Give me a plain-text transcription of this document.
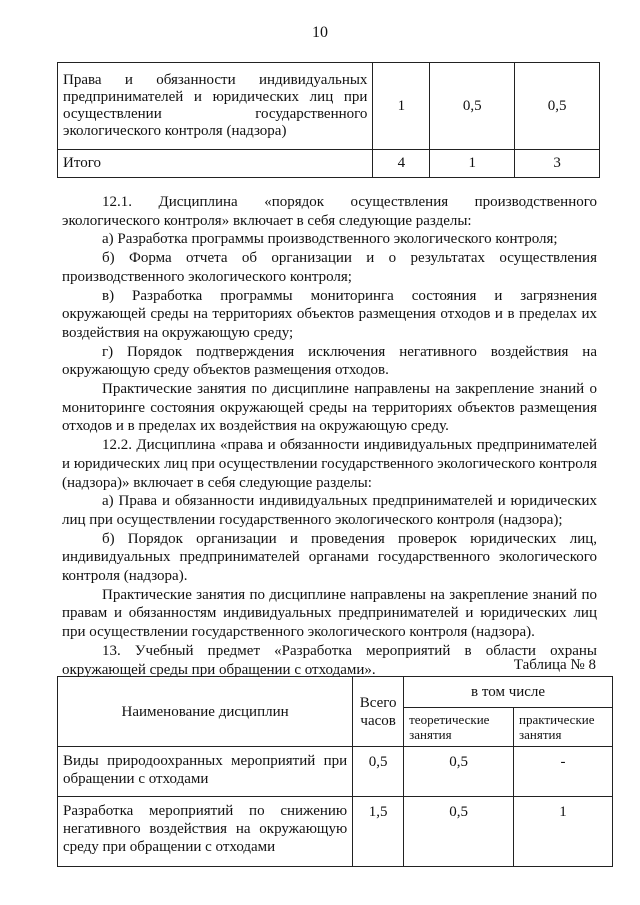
10
Права и обязанности индивидуальных предпринимателей и юридических лиц при осуществлении государственного экологического контроля (надзора)	1	0,5	0,5
Итого	4	1	3

12.1. Дисциплина «порядок осуществления производственного экологического контроля» включает в себя следующие разделы:

а) Разработка программы производственного экологического контроля;

б) Форма отчета об организации и о результатах осуществления производственного экологического контроля;

в) Разработка программы мониторинга состояния и загрязнения окружающей среды на территориях объектов размещения отходов и в пределах их воздействия на окружающую среду;

г) Порядок подтверждения исключения негативного воздействия на окружающую среду объектов размещения отходов.

Практические занятия по дисциплине направлены на закрепление знаний о мониторинге состояния окружающей среды на территориях объектов размещения отходов и в пределах их воздействия на окружающую среду.

12.2. Дисциплина «права и обязанности индивидуальных предпринимателей и юридических лиц при осуществлении государственного экологического контроля (надзора)» включает в себя следующие разделы:

а) Права и обязанности индивидуальных предпринимателей и юридических лиц при осуществлении государственного экологического контроля (надзора);

б) Порядок организации и проведения проверок юридических лиц, индивидуальных предпринимателей органами государственного экологического контроля (надзора).

Практические занятия по дисциплине направлены на закрепление знаний по правам и обязанностям индивидуальных предпринимателей и юридических лиц при осуществлении государственного экологического контроля (надзора).

13. Учебный предмет «Разработка мероприятий в области охраны окружающей среды при обращении с отходами».	Таблица № 8
Наименование дисциплин	Всего часов	в том числе	
		теоретические занятия	практические занятия
Виды природоохранных мероприятий при обращении с отходами	0,5	0,5	-
Разработка мероприятий по снижению негативного воздействия на окружающую среду при обращении с отходами	1,5	0,5	1
